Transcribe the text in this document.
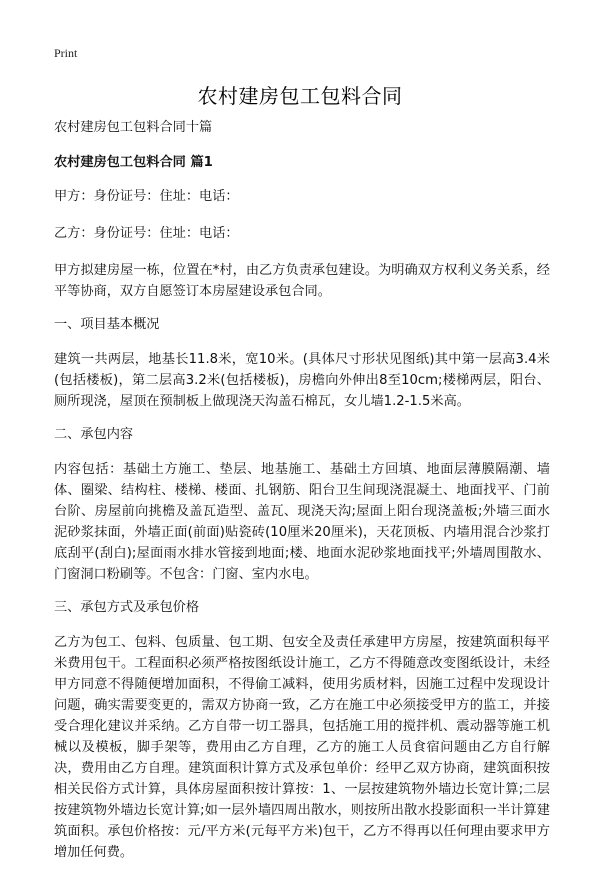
Print
农村建房包工包料合同

农村建房包工包料合同十篇

农村建房包工包料合同 篇1

甲方：身份证号：住址：电话：

乙方：身份证号：住址：电话：

甲方拟建房屋一栋，位置在*村，由乙方负责承包建设。为明确双方权利义务关系，经平等协商，双方自愿签订本房屋建设承包合同。

一、项目基本概况

建筑一共两层，地基长11.8米，宽10米。(具体尺寸形状见图纸)其中第一层高3.4米(包括楼板)，第二层高3.2米(包括楼板)，房檐向外伸出8至10cm;楼梯两层，阳台、厕所现浇，屋顶在预制板上做现浇天沟盖石棉瓦，女儿墙1.2-1.5米高。

二、承包内容

内容包括：基础土方施工、垫层、地基施工、基础土方回填、地面层薄膜隔潮、墙体、圈梁、结构柱、楼梯、楼面、扎钢筋、阳台卫生间现浇混凝土、地面找平、门前台阶、房屋前向挑檐及盖瓦造型、盖瓦、现浇天沟;屋面上阳台现浇盖板;外墙三面水泥砂浆抹面，外墙正面(前面)贴瓷砖(10厘米20厘米)，天花顶板、内墙用混合沙浆打底刮平(刮白);屋面雨水排水管接到地面;楼、地面水泥砂浆地面找平;外墙周围散水、门窗洞口粉刷等。不包含：门窗、室内水电。

三、承包方式及承包价格

乙方为包工、包料、包质量、包工期、包安全及责任承建甲方房屋，按建筑面积每平米费用包干。工程面积必须严格按图纸设计施工，乙方不得随意改变图纸设计，未经甲方同意不得随便增加面积，不得偷工减料，使用劣质材料，因施工过程中发现设计问题，确实需要变更的，需双方协商一致，乙方在施工中必须接受甲方的监工，并接受合理化建议并采纳。乙方自带一切工器具，包括施工用的搅拌机、震动器等施工机械以及模板，脚手架等，费用由乙方自理，乙方的施工人员食宿问题由乙方自行解决，费用由乙方自理。建筑面积计算方式及承包单价：经甲乙双方协商，建筑面积按相关民俗方式计算，具体房屋面积按计算按：1、一层按建筑物外墙边长宽计算;二层按建筑物外墙边长宽计算;如一层外墙四周出散水，则按所出散水投影面积一半计算建筑面积。承包价格按：元/平方米(元每平方米)包干，乙方不得再以任何理由要求甲方增加任何费。
